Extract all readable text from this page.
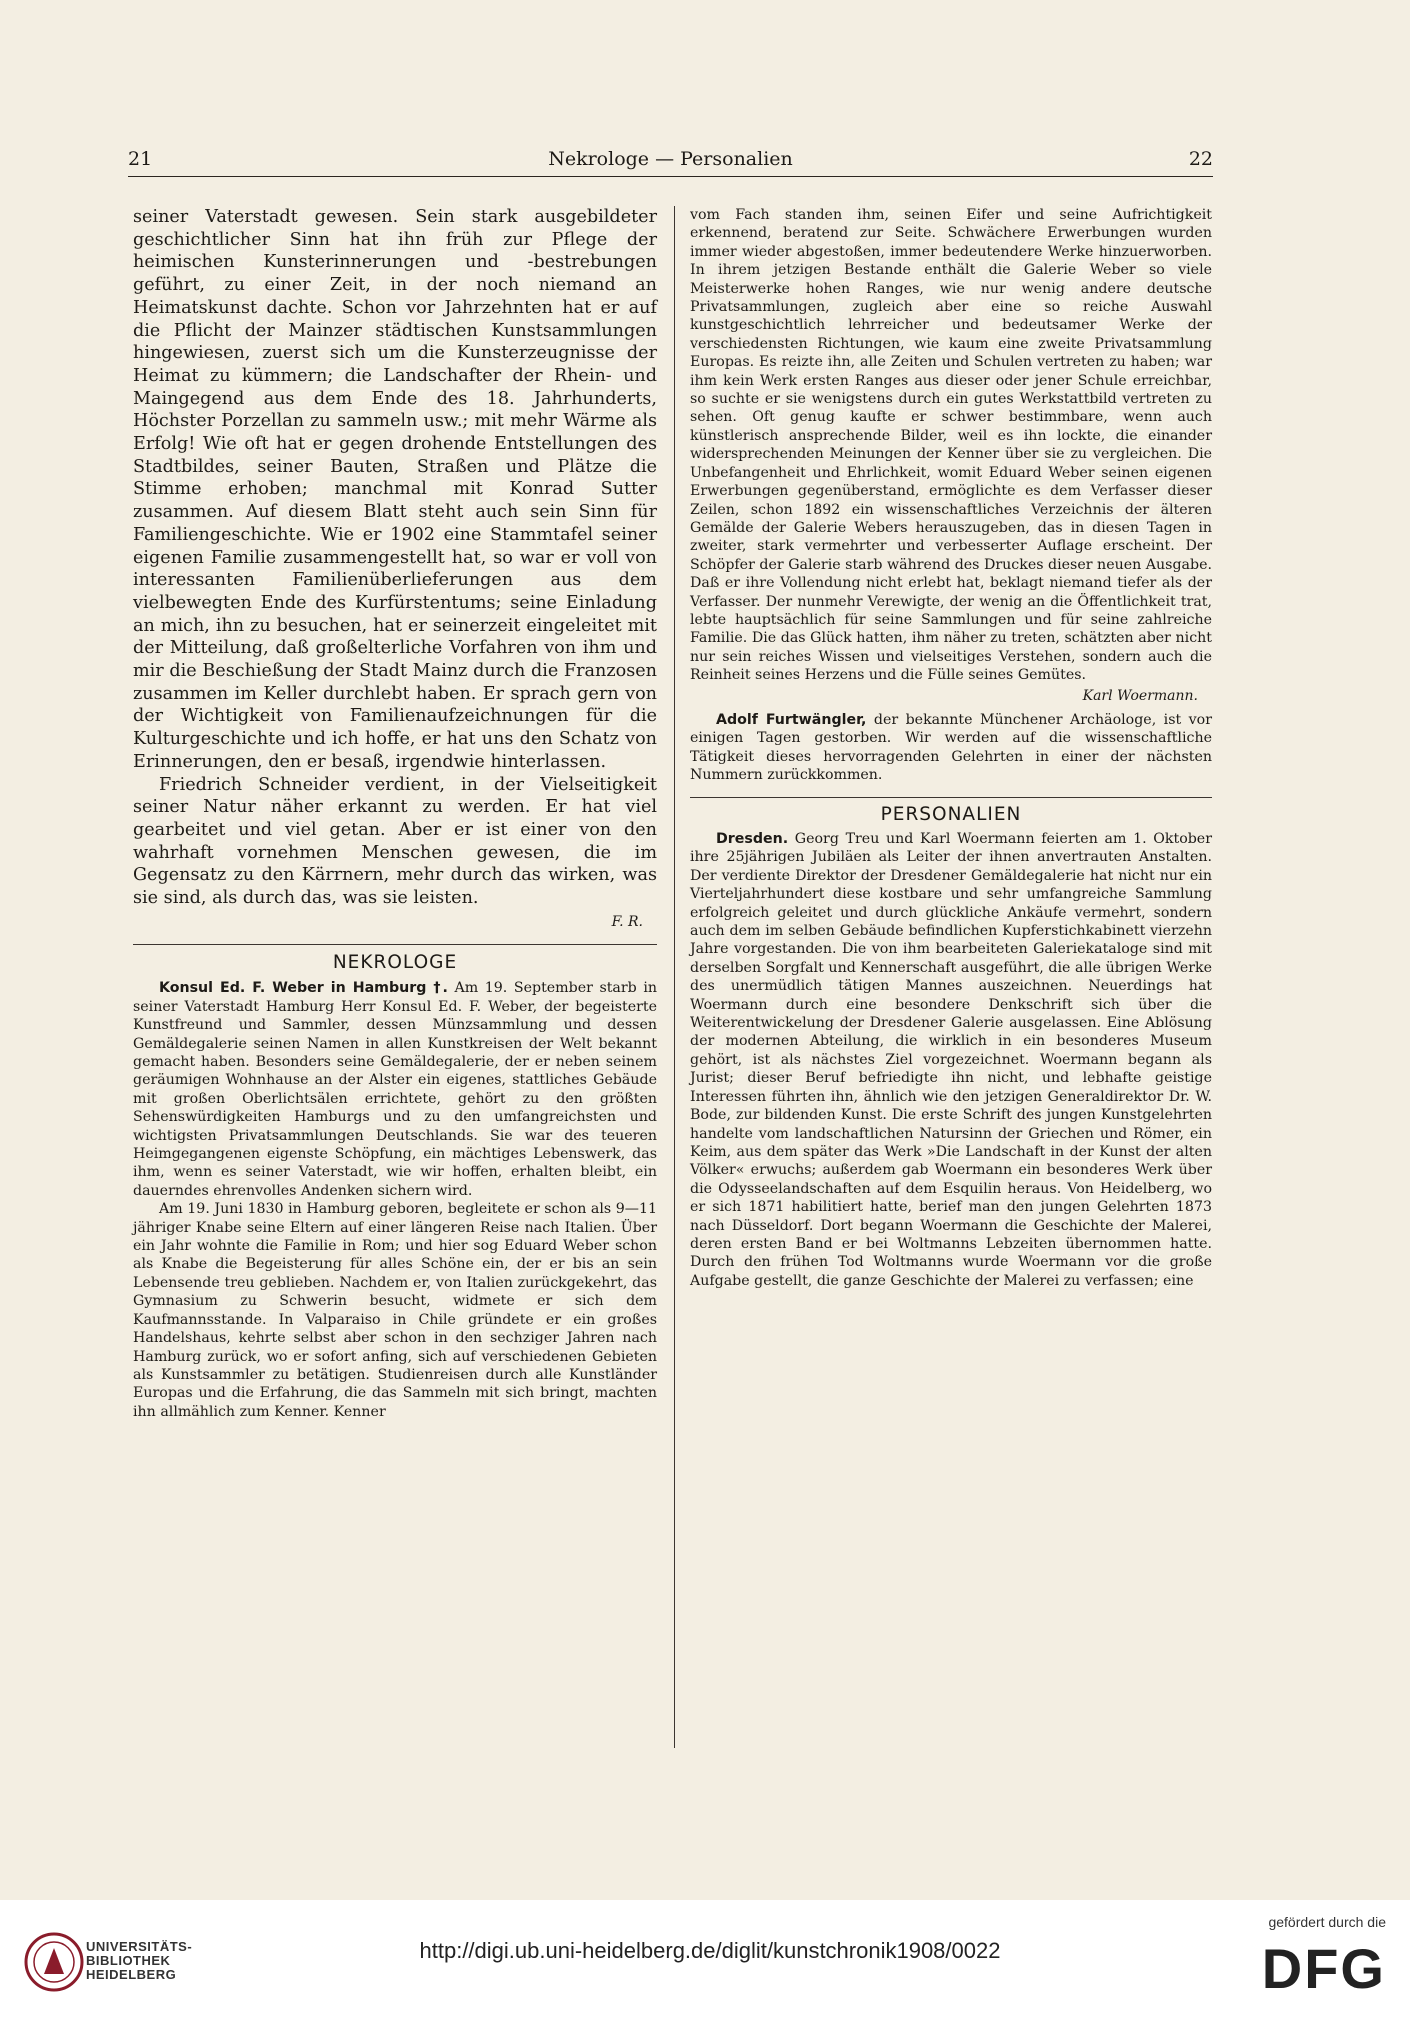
21	Nekrologe — Personalien	22

seiner Vaterstadt gewesen. Sein stark ausgebildeter geschichtlicher Sinn hat ihn früh zur Pflege der heimischen Kunsterinnerungen und -bestrebungen geführt, zu einer Zeit, in der noch niemand an Heimatskunst dachte. Schon vor Jahrzehnten hat er auf die Pflicht der Mainzer städtischen Kunstsammlungen hingewiesen, zuerst sich um die Kunsterzeugnisse der Heimat zu kümmern; die Landschafter der Rhein- und Maingegend aus dem Ende des 18. Jahrhunderts, Höchster Porzellan zu sammeln usw.; mit mehr Wärme als Erfolg! Wie oft hat er gegen drohende Entstellungen des Stadtbildes, seiner Bauten, Straßen und Plätze die Stimme erhoben; manchmal mit Konrad Sutter zusammen. Auf diesem Blatt steht auch sein Sinn für Familiengeschichte. Wie er 1902 eine Stammtafel seiner eigenen Familie zusammengestellt hat, so war er voll von interessanten Familienüberlieferungen aus dem vielbewegten Ende des Kurfürstentums; seine Einladung an mich, ihn zu besuchen, hat er seinerzeit eingeleitet mit der Mitteilung, daß großelterliche Vorfahren von ihm und mir die Beschießung der Stadt Mainz durch die Franzosen zusammen im Keller durchlebt haben. Er sprach gern von der Wichtigkeit von Familienaufzeichnungen für die Kulturgeschichte und ich hoffe, er hat uns den Schatz von Erinnerungen, den er besaß, irgendwie hinterlassen.

Friedrich Schneider verdient, in der Vielseitigkeit seiner Natur näher erkannt zu werden. Er hat viel gearbeitet und viel getan. Aber er ist einer von den wahrhaft vornehmen Menschen gewesen, die im Gegensatz zu den Kärrnern, mehr durch das wirken, was sie sind, als durch das, was sie leisten.

F. R.
NEKROLOGE

Konsul Ed. F. Weber in Hamburg †. Am 19. September starb in seiner Vaterstadt Hamburg Herr Konsul Ed. F. Weber, der begeisterte Kunstfreund und Sammler, dessen Münzsammlung und dessen Gemäldegalerie seinen Namen in allen Kunstkreisen der Welt bekannt gemacht haben. Besonders seine Gemäldegalerie, der er neben seinem geräumigen Wohnhause an der Alster ein eigenes, stattliches Gebäude mit großen Oberlichtsälen errichtete, gehört zu den größten Sehenswürdigkeiten Hamburgs und zu den umfangreichsten und wichtigsten Privatsammlungen Deutschlands. Sie war des teueren Heimgegangenen eigenste Schöpfung, ein mächtiges Lebenswerk, das ihm, wenn es seiner Vaterstadt, wie wir hoffen, erhalten bleibt, ein dauerndes ehrenvolles Andenken sichern wird.

Am 19. Juni 1830 in Hamburg geboren, begleitete er schon als 9—11 jähriger Knabe seine Eltern auf einer längeren Reise nach Italien. Über ein Jahr wohnte die Familie in Rom; und hier sog Eduard Weber schon als Knabe die Begeisterung für alles Schöne ein, der er bis an sein Lebensende treu geblieben. Nachdem er, von Italien zurückgekehrt, das Gymnasium zu Schwerin besucht, widmete er sich dem Kaufmannsstande. In Valparaiso in Chile gründete er ein großes Handelshaus, kehrte selbst aber schon in den sechziger Jahren nach Hamburg zurück, wo er sofort anfing, sich auf verschiedenen Gebieten als Kunstsammler zu betätigen. Studienreisen durch alle Kunstländer Europas und die Erfahrung, die das Sammeln mit sich bringt, machten ihn allmählich zum Kenner. Kenner

vom Fach standen ihm, seinen Eifer und seine Aufrichtigkeit erkennend, beratend zur Seite. Schwächere Erwerbungen wurden immer wieder abgestoßen, immer bedeutendere Werke hinzuerworben. In ihrem jetzigen Bestande enthält die Galerie Weber so viele Meisterwerke hohen Ranges, wie nur wenig andere deutsche Privatsammlungen, zugleich aber eine so reiche Auswahl kunstgeschichtlich lehrreicher und bedeutsamer Werke der verschiedensten Richtungen, wie kaum eine zweite Privatsammlung Europas. Es reizte ihn, alle Zeiten und Schulen vertreten zu haben; war ihm kein Werk ersten Ranges aus dieser oder jener Schule erreichbar, so suchte er sie wenigstens durch ein gutes Werkstattbild vertreten zu sehen. Oft genug kaufte er schwer bestimmbare, wenn auch künstlerisch ansprechende Bilder, weil es ihn lockte, die einander widersprechenden Meinungen der Kenner über sie zu vergleichen. Die Unbefangenheit und Ehrlichkeit, womit Eduard Weber seinen eigenen Erwerbungen gegenüberstand, ermöglichte es dem Verfasser dieser Zeilen, schon 1892 ein wissenschaftliches Verzeichnis der älteren Gemälde der Galerie Webers herauszugeben, das in diesen Tagen in zweiter, stark vermehrter und verbesserter Auflage erscheint. Der Schöpfer der Galerie starb während des Druckes dieser neuen Ausgabe. Daß er ihre Vollendung nicht erlebt hat, beklagt niemand tiefer als der Verfasser. Der nunmehr Verewigte, der wenig an die Öffentlichkeit trat, lebte hauptsächlich für seine Sammlungen und für seine zahlreiche Familie. Die das Glück hatten, ihm näher zu treten, schätzten aber nicht nur sein reiches Wissen und vielseitiges Verstehen, sondern auch die Reinheit seines Herzens und die Fülle seines Gemütes.

Karl Woermann.

Adolf Furtwängler, der bekannte Münchener Archäologe, ist vor einigen Tagen gestorben. Wir werden auf die wissenschaftliche Tätigkeit dieses hervorragenden Gelehrten in einer der nächsten Nummern zurückkommen.

PERSONALIEN

Dresden. Georg Treu und Karl Woermann feierten am 1. Oktober ihre 25jährigen Jubiläen als Leiter der ihnen anvertrauten Anstalten. Der verdiente Direktor der Dresdener Gemäldegalerie hat nicht nur ein Vierteljahrhundert diese kostbare und sehr umfangreiche Sammlung erfolgreich geleitet und durch glückliche Ankäufe vermehrt, sondern auch dem im selben Gebäude befindlichen Kupferstichkabinett vierzehn Jahre vorgestanden. Die von ihm bearbeiteten Galeriekataloge sind mit derselben Sorgfalt und Kennerschaft ausgeführt, die alle übrigen Werke des unermüdlich tätigen Mannes auszeichnen. Neuerdings hat Woermann durch eine besondere Denkschrift sich über die Weiterentwickelung der Dresdener Galerie ausgelassen. Eine Ablösung der modernen Abteilung, die wirklich in ein besonderes Museum gehört, ist als nächstes Ziel vorgezeichnet. Woermann begann als Jurist; dieser Beruf befriedigte ihn nicht, und lebhafte geistige Interessen führten ihn, ähnlich wie den jetzigen Generaldirektor Dr. W. Bode, zur bildenden Kunst. Die erste Schrift des jungen Kunstgelehrten handelte vom landschaftlichen Natursinn der Griechen und Römer, ein Keim, aus dem später das Werk »Die Landschaft in der Kunst der alten Völker« erwuchs; außerdem gab Woermann ein besonderes Werk über die Odysseelandschaften auf dem Esquilin heraus. Von Heidelberg, wo er sich 1871 habilitiert hatte, berief man den jungen Gelehrten 1873 nach Düsseldorf. Dort begann Woermann die Geschichte der Malerei, deren ersten Band er bei Woltmanns Lebzeiten übernommen hatte. Durch den frühen Tod Woltmanns wurde Woermann vor die große Aufgabe gestellt, die ganze Geschichte der Malerei zu verfassen; eine

UNIVERSITÄTS-
BIBLIOTHEK
HEIDELBERG
http://digi.ub.uni-heidelberg.de/diglit/kunstchronik1908/0022
gefördert durch die
DFG
